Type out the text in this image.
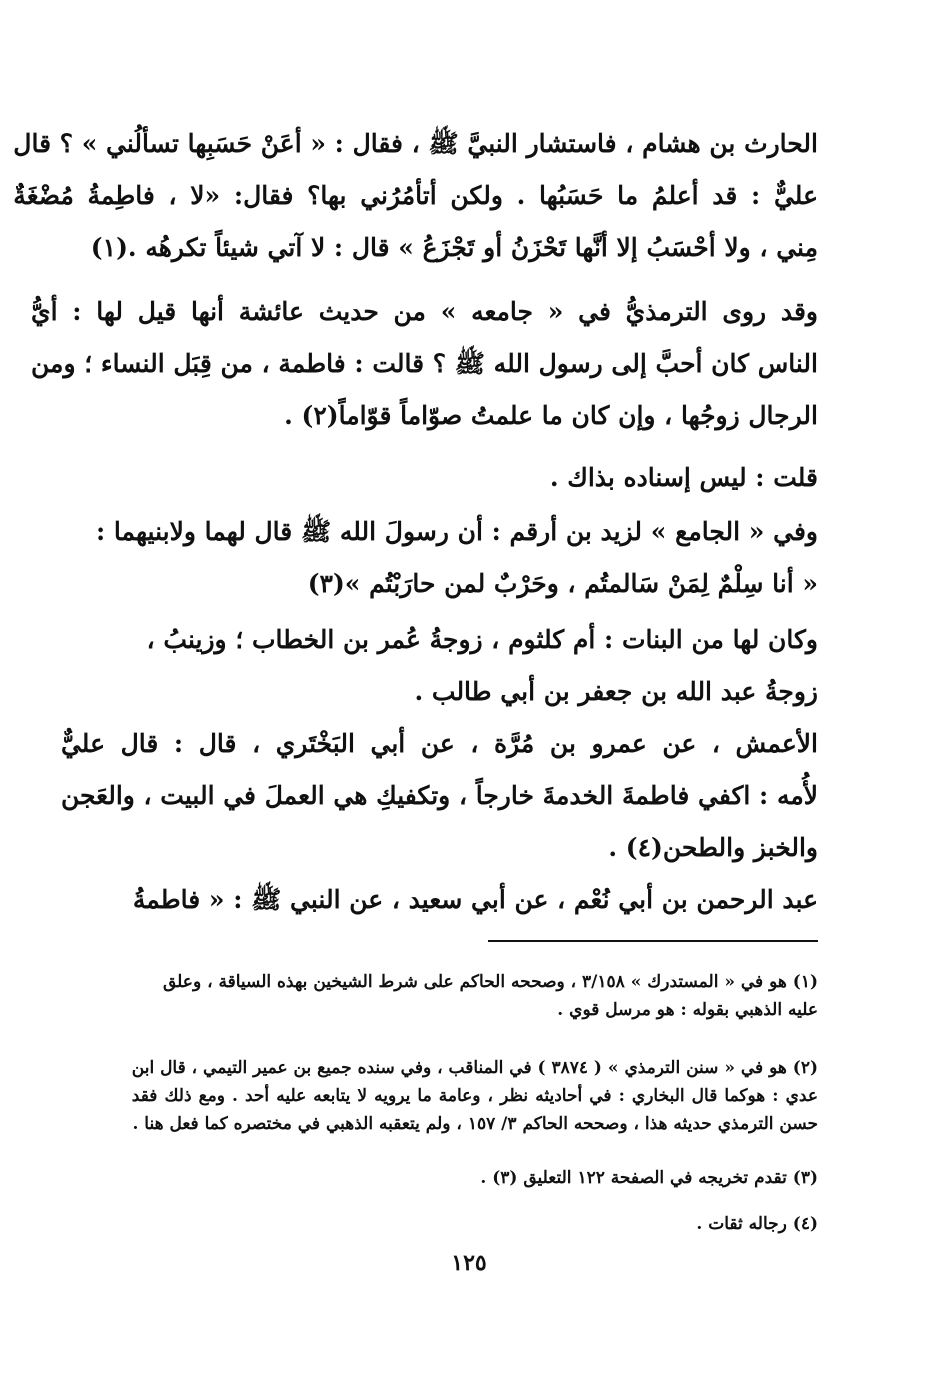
الحارث بن هشام ، فاستشار النبيَّ ﷺ ، فقال : « أعَنْ حَسَبِها تسألُني » ؟ قال
عليٌّ : قد أعلمُ ما حَسَبُها . ولكن أتأمُرُني بها؟ فقال: «لا ، فاطِمةُ مُضْغَةٌ
مِني ، ولا أحْسَبُ إلا أنَّها تَحْزَنُ أو تَجْزَعُ » قال : لا آتي شيئاً تكرهُه .(١)

وقد روى الترمذيُّ في « جامعه » من حديث عائشة أنها قيل لها : أيُّ
الناس كان أحبَّ إلى رسول الله ﷺ ؟ قالت : فاطمة ، من قِبَل النساء ؛ ومن
الرجال زوجُها ، وإن كان ما علمتُ صوّاماً قوّاماً(٢) .

قلت : ليس إسناده بذاك .

وفي « الجامع » لزيد بن أرقم : أن رسولَ الله ﷺ قال لهما ولابنيهما :
« أنا سِلْمٌ لِمَنْ سَالمتُم ، وحَرْبٌ لمن حارَبْتُم »(٣)

وكان لها من البنات : أم كلثوم ، زوجةُ عُمر بن الخطاب ؛ وزينبُ ،
زوجةُ عبد الله بن جعفر بن أبي طالب .

الأعمش ، عن عمرو بن مُرَّة ، عن أبي البَخْتَري ، قال : قال عليٌّ
لأُمه : اكفي فاطمةَ الخدمةَ خارجاً ، وتكفيكِ هي العملَ في البيت ، والعَجن
والخبز والطحن(٤) .

عبد الرحمن بن أبي نُعْم ، عن أبي سعيد ، عن النبي ﷺ : « فاطمةُ

(١) هو في « المستدرك » ٣/١٥٨ ، وصححه الحاكم على شرط الشيخين بهذه السياقة ، وعلق
عليه الذهبي بقوله : هو مرسل قوي .

(٢) هو في « سنن الترمذي » ( ٣٨٧٤ ) في المناقب ، وفي سنده جميع بن عمير التيمي ، قال ابن
عدي : هوكما قال البخاري : في أحاديثه نظر ، وعامة ما يرويه لا يتابعه عليه أحد . ومع ذلك فقد
حسن الترمذي حديثه هذا ، وصححه الحاكم ٣/ ١٥٧ ، ولم يتعقبه الذهبي في مختصره كما فعل هنا .

(٣) تقدم تخريجه في الصفحة ١٢٢ التعليق (٣) .

(٤) رجاله ثقات .

١٢٥
